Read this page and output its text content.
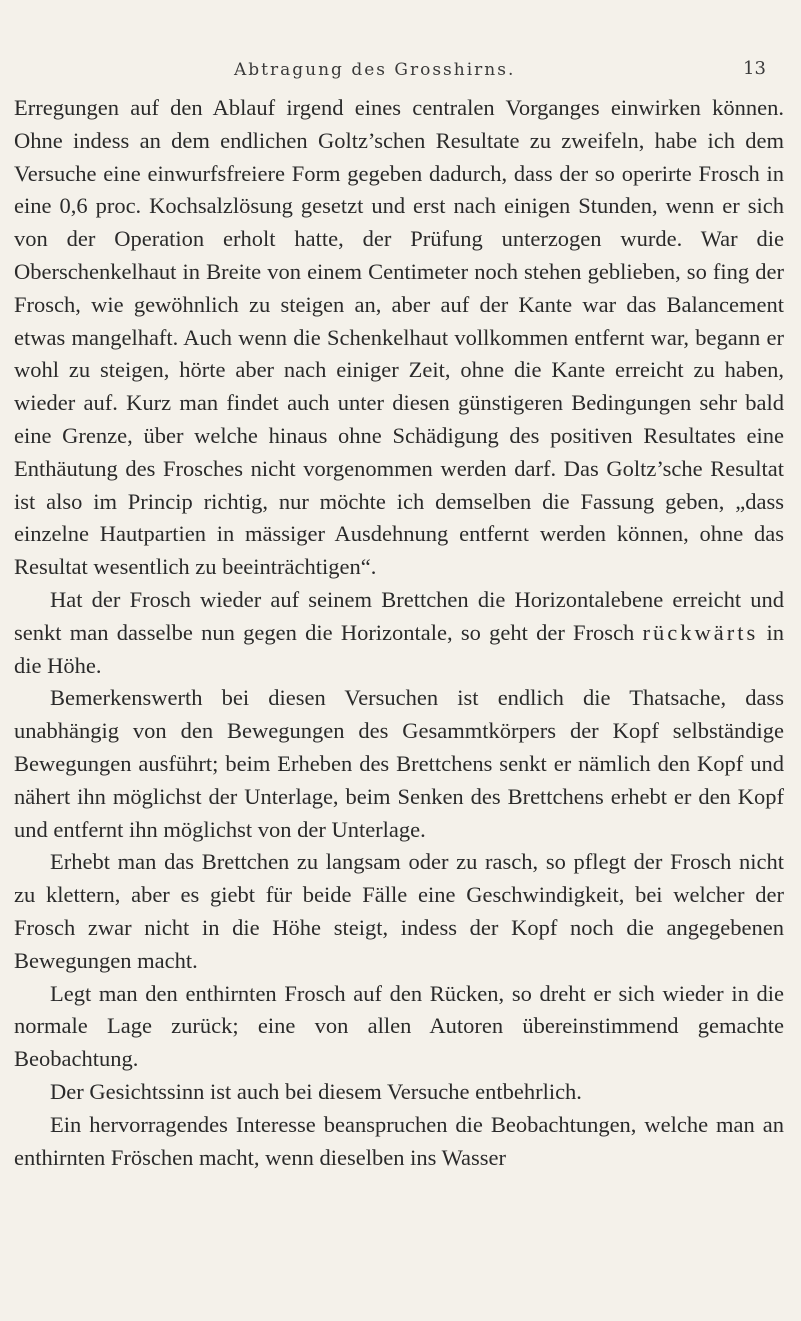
Abtragung des Grosshirns.	13

Erregungen auf den Ablauf irgend eines centralen Vorganges einwirken können. Ohne indess an dem endlichen Goltz’schen Resultate zu zweifeln, habe ich dem Versuche eine einwurfsfreiere Form gegeben dadurch, dass der so operirte Frosch in eine 0,6 proc. Kochsalzlösung gesetzt und erst nach einigen Stunden, wenn er sich von der Operation erholt hatte, der Prüfung unterzogen wurde. War die Oberschenkelhaut in Breite von einem Centimeter noch stehen geblieben, so fing der Frosch, wie gewöhnlich zu steigen an, aber auf der Kante war das Balancement etwas mangelhaft. Auch wenn die Schenkelhaut vollkommen entfernt war, begann er wohl zu steigen, hörte aber nach einiger Zeit, ohne die Kante erreicht zu haben, wieder auf. Kurz man findet auch unter diesen günstigeren Bedingungen sehr bald eine Grenze, über welche hinaus ohne Schädigung des positiven Resultates eine Enthäutung des Frosches nicht vorgenommen werden darf. Das Goltz’sche Resultat ist also im Princip richtig, nur möchte ich demselben die Fassung geben, „dass einzelne Hautpartien in mässiger Ausdehnung entfernt werden können, ohne das Resultat wesentlich zu beeinträchtigen“.

Hat der Frosch wieder auf seinem Brettchen die Horizontalebene erreicht und senkt man dasselbe nun gegen die Horizontale, so geht der Frosch rückwärts in die Höhe.

Bemerkenswerth bei diesen Versuchen ist endlich die Thatsache, dass unabhängig von den Bewegungen des Gesammtkörpers der Kopf selbständige Bewegungen ausführt; beim Erheben des Brettchens senkt er nämlich den Kopf und nähert ihn möglichst der Unterlage, beim Senken des Brettchens erhebt er den Kopf und entfernt ihn möglichst von der Unterlage.

Erhebt man das Brettchen zu langsam oder zu rasch, so pflegt der Frosch nicht zu klettern, aber es giebt für beide Fälle eine Geschwindigkeit, bei welcher der Frosch zwar nicht in die Höhe steigt, indess der Kopf noch die angegebenen Bewegungen macht.

Legt man den enthirnten Frosch auf den Rücken, so dreht er sich wieder in die normale Lage zurück; eine von allen Autoren übereinstimmend gemachte Beobachtung.

Der Gesichtssinn ist auch bei diesem Versuche entbehrlich.

Ein hervorragendes Interesse beanspruchen die Beobachtungen, welche man an enthirnten Fröschen macht, wenn dieselben ins Wasser
